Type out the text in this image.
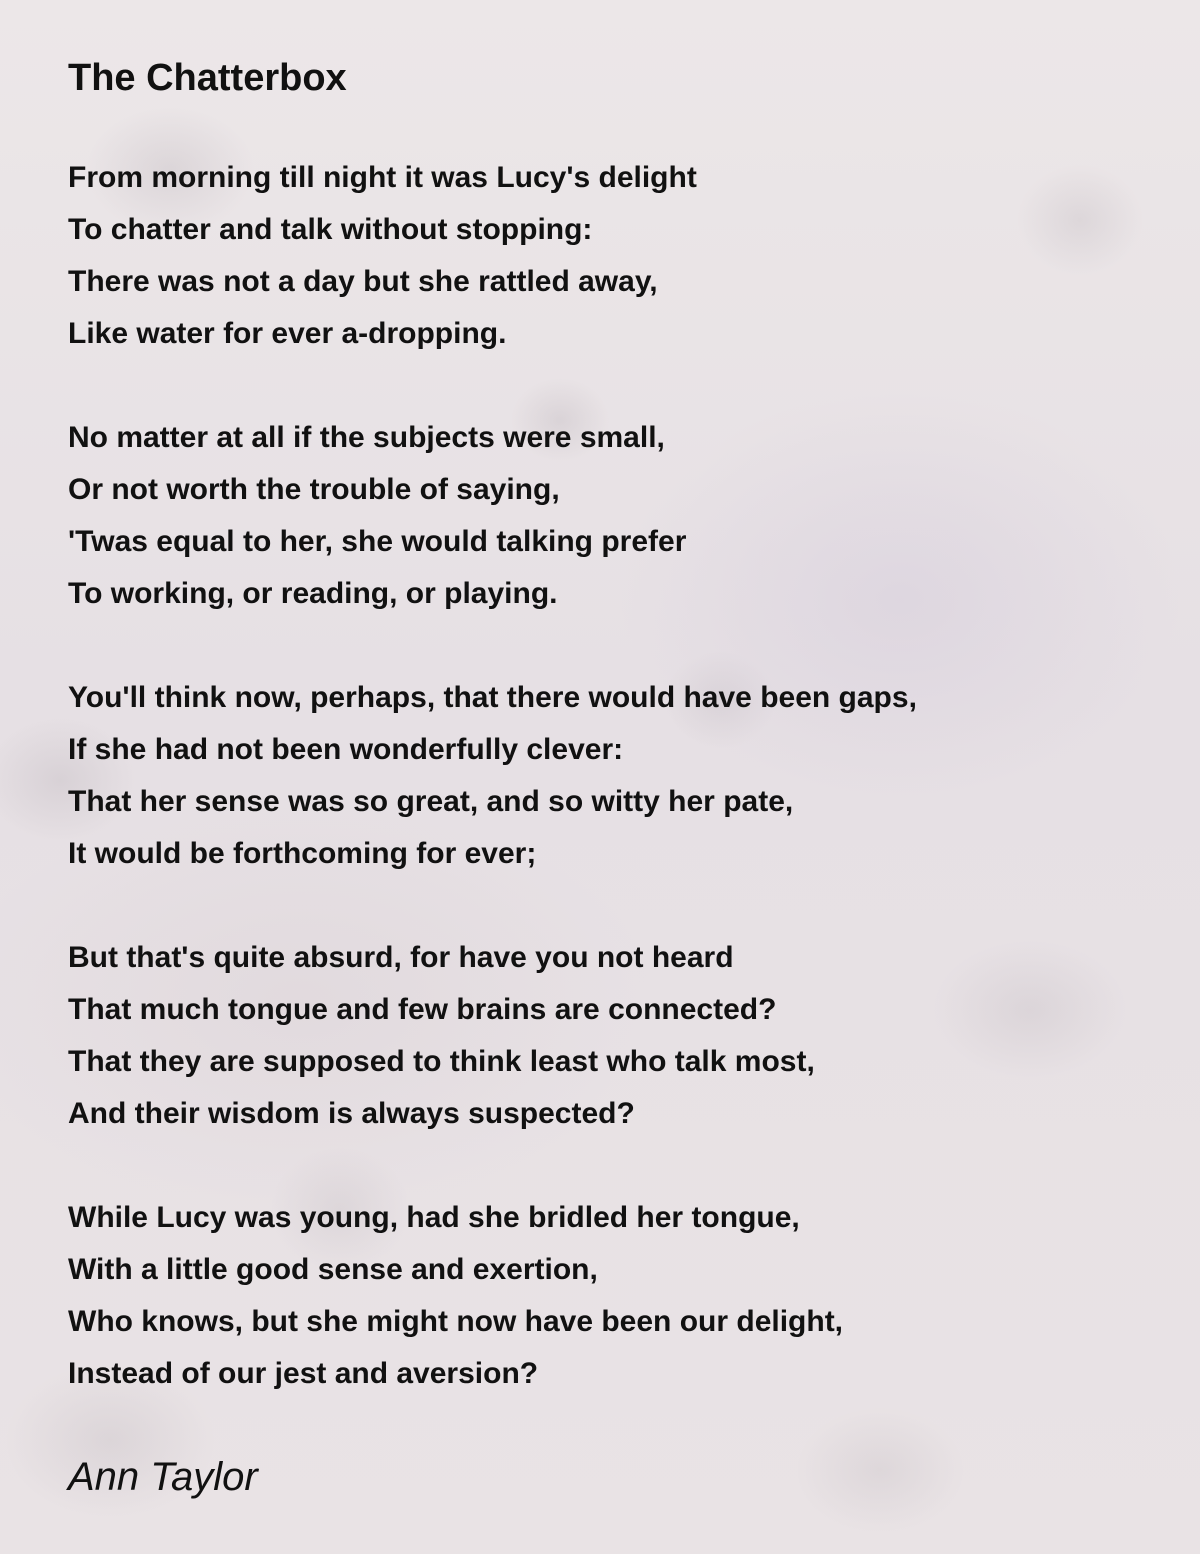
The Chatterbox
From morning till night it was Lucy's delight
To chatter and talk without stopping:
There was not a day but she rattled away,
Like water for ever a-dropping.
No matter at all if the subjects were small,
Or not worth the trouble of saying,
'Twas equal to her, she would talking prefer
To working, or reading, or playing.
You'll think now, perhaps, that there would have been gaps,
If she had not been wonderfully clever:
That her sense was so great, and so witty her pate,
It would be forthcoming for ever;
But that's quite absurd, for have you not heard
That much tongue and few brains are connected?
That they are supposed to think least who talk most,
And their wisdom is always suspected?
While Lucy was young, had she bridled her tongue,
With a little good sense and exertion,
Who knows, but she might now have been our delight,
Instead of our jest and aversion?
Ann Taylor
